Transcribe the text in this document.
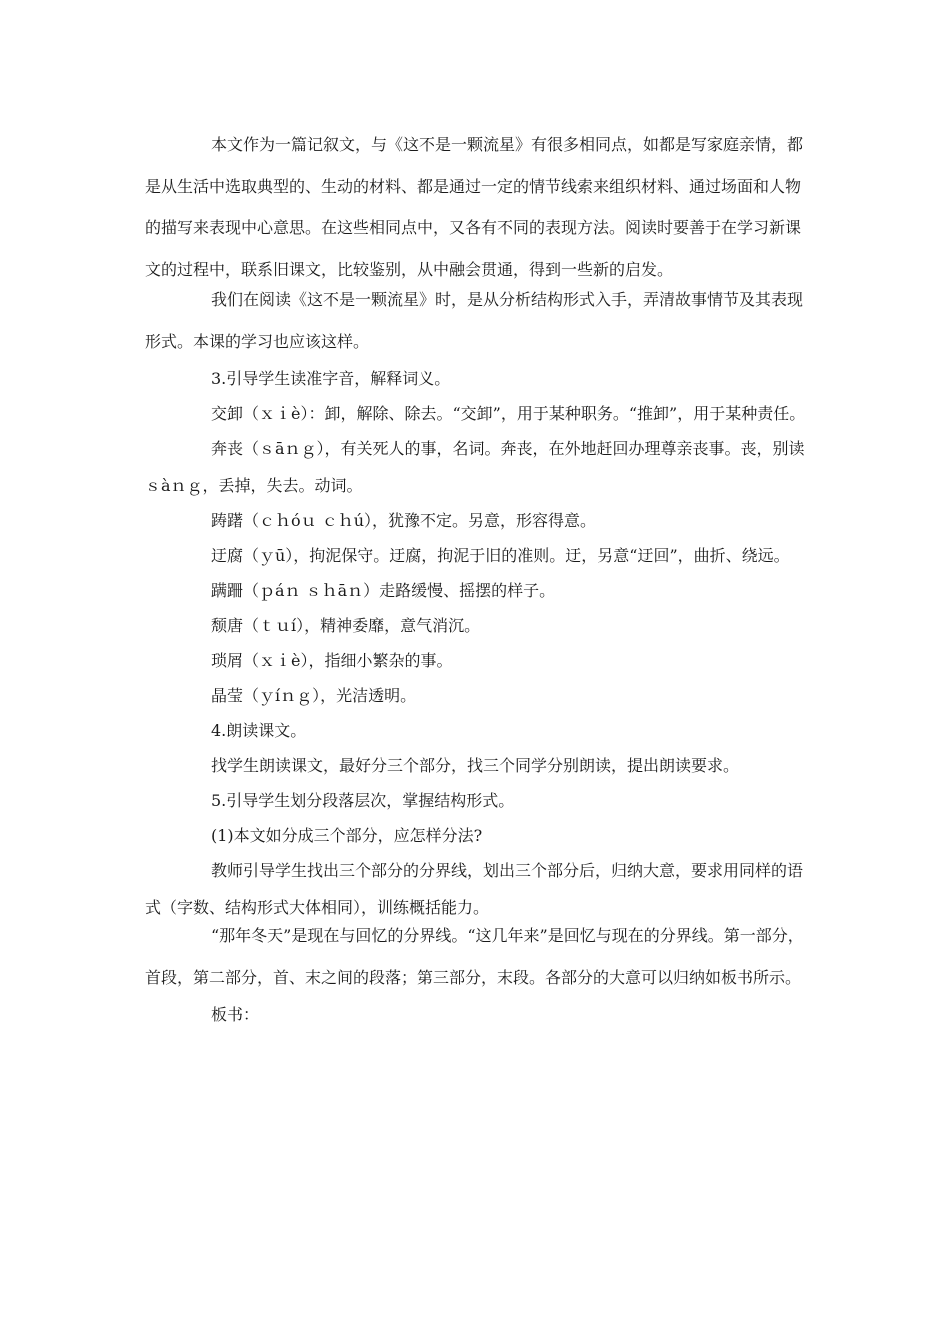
本文作为一篇记叙文，与《这不是一颗流星》有很多相同点，如都是写家庭亲情，都是从生活中选取典型的、生动的材料、都是通过一定的情节线索来组织材料、通过场面和人物的描写来表现中心意思。在这些相同点中，又各有不同的表现方法。阅读时要善于在学习新课文的过程中，联系旧课文，比较鉴别，从中融会贯通，得到一些新的启发。

我们在阅读《这不是一颗流星》时，是从分析结构形式入手，弄清故事情节及其表现形式。本课的学习也应该这样。

3.引导学生读准字音，解释词义。

交卸（ｘｉè）：卸，解除、除去。“交卸”，用于某种职务。“推卸”，用于某种责任。

奔丧（ｓāｎｇ），有关死人的事，名词。奔丧，在外地赶回办理尊亲丧事。丧，别读ｓàｎｇ，丢掉，失去。动词。

踌躇（ｃｈóｕ ｃｈú），犹豫不定。另意，形容得意。

迂腐（ｙū），拘泥保守。迂腐，拘泥于旧的准则。迂，另意“迂回”，曲折、绕远。

蹒跚（ｐáｎ ｓｈāｎ）走路缓慢、摇摆的样子。

颓唐（ｔｕí），精神委靡，意气消沉。

琐屑（ｘｉè），指细小繁杂的事。

晶莹（ｙíｎｇ），光洁透明。

4.朗读课文。

找学生朗读课文，最好分三个部分，找三个同学分别朗读，提出朗读要求。

5.引导学生划分段落层次，掌握结构形式。

(1)本文如分成三个部分，应怎样分法?

教师引导学生找出三个部分的分界线，划出三个部分后，归纳大意，要求用同样的语式（字数、结构形式大体相同），训练概括能力。

“那年冬天”是现在与回忆的分界线。“这几年来”是回忆与现在的分界线。第一部分，首段，第二部分，首、末之间的段落；第三部分，末段。各部分的大意可以归纳如板书所示。

板书：
